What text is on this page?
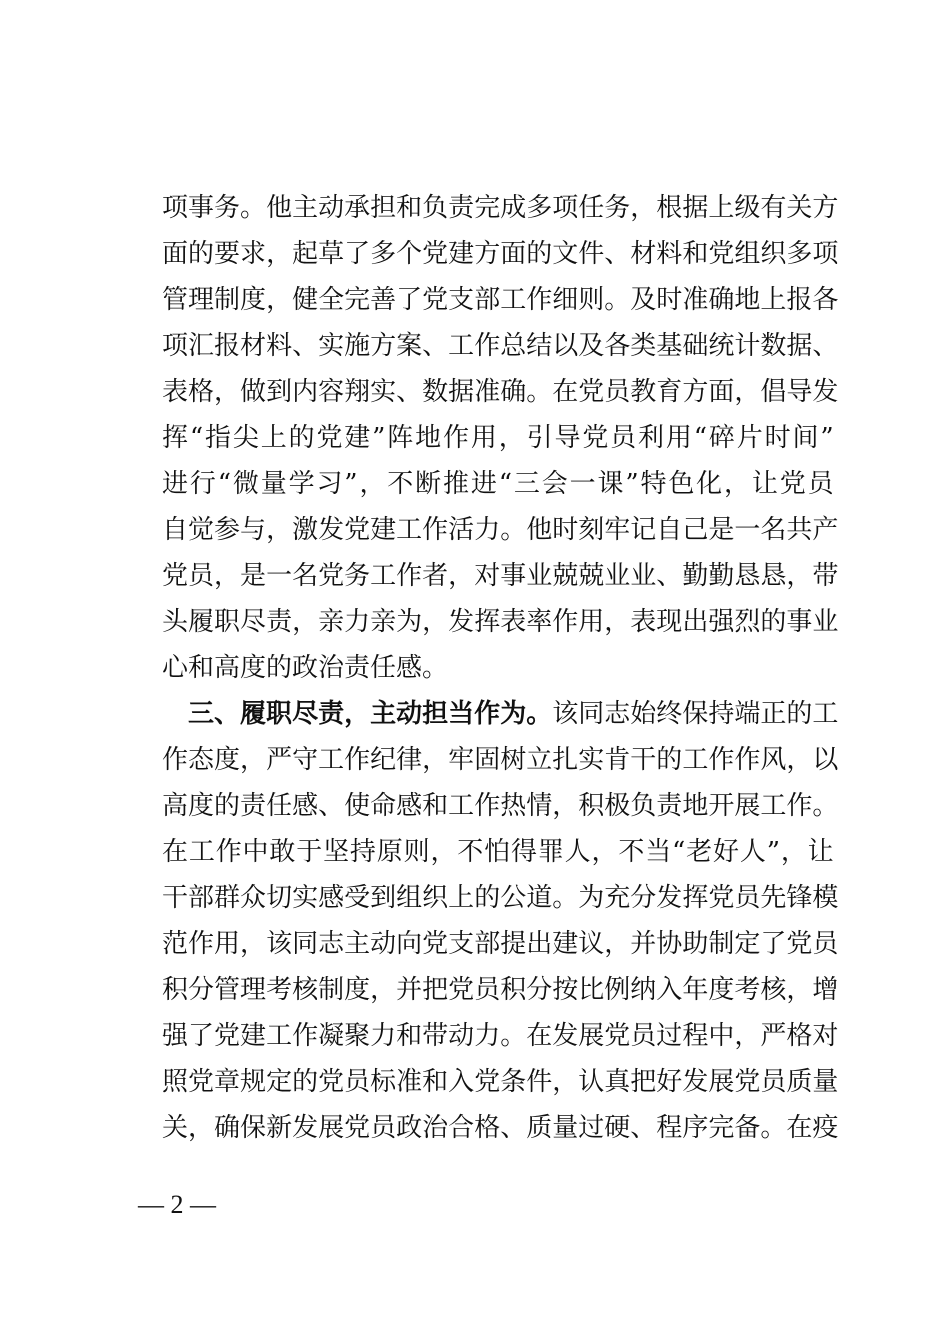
项 事 务 。 他 主 动 承 担 和 负 责 完 成 多 项 任 务 ， 根 据 上 级 有 关 方
面 的 要 求 ， 起 草 了 多 个 党 建 方 面 的 文 件 、 材 料 和 党 组 织 多 项
管 理 制 度 ， 健 全 完 善 了 党 支 部 工 作 细 则 。 及 时 准 确 地 上 报 各
项 汇 报 材 料 、 实 施 方 案 、 工 作 总 结 以 及 各 类 基 础 统 计 数 据 、
表 格 ， 做 到 内 容 翔 实 、 数 据 准 确 。 在 党 员 教 育 方 面 ， 倡 导 发
挥 “ 指 尖 上 的 党 建 ” 阵 地 作 用 ， 引 导 党 员 利 用 “ 碎 片 时 间 ”
进 行 “ 微 量 学 习 ” ， 不 断 推 进 “ 三 会 一 课 ” 特 色 化 ， 让 党 员
自 觉 参 与 ， 激 发 党 建 工 作 活 力 。 他 时 刻 牢 记 自 己 是 一 名 共 产
党 员 ， 是 一 名 党 务 工 作 者 ， 对 事 业 兢 兢 业 业 、 勤 勤 恳 恳 ， 带
头 履 职 尽 责 ， 亲 力 亲 为 ， 发 挥 表 率 作 用 ， 表 现 出 强 烈 的 事 业
心和高度的政治责任感。
三 、 履 职 尽 责 ， 主 动 担 当 作 为 。 该 同 志 始 终 保 持 端 正 的 工
作 态 度 ， 严 守 工 作 纪 律 ， 牢 固 树 立 扎 实 肯 干 的 工 作 作 风 ， 以
高 度 的 责 任 感 、 使 命 感 和 工 作 热 情 ， 积 极 负 责 地 开 展 工 作 。
在 工 作 中 敢 于 坚 持 原 则 ， 不 怕 得 罪 人 ， 不 当 “ 老 好 人 ” ， 让
干 部 群 众 切 实 感 受 到 组 织 上 的 公 道 。 为 充 分 发 挥 党 员 先 锋 模
范 作 用 ， 该 同 志 主 动 向 党 支 部 提 出 建 议 ， 并 协 助 制 定 了 党 员
积 分 管 理 考 核 制 度 ， 并 把 党 员 积 分 按 比 例 纳 入 年 度 考 核 ， 增
强 了 党 建 工 作 凝 聚 力 和 带 动 力 。 在 发 展 党 员 过 程 中 ， 严 格 对
照 党 章 规 定 的 党 员 标 准 和 入 党 条 件 ， 认 真 把 好 发 展 党 员 质 量
关 ， 确 保 新 发 展 党 员 政 治 合 格 、 质 量 过 硬 、 程 序 完 备 。 在 疫
— 2 —
